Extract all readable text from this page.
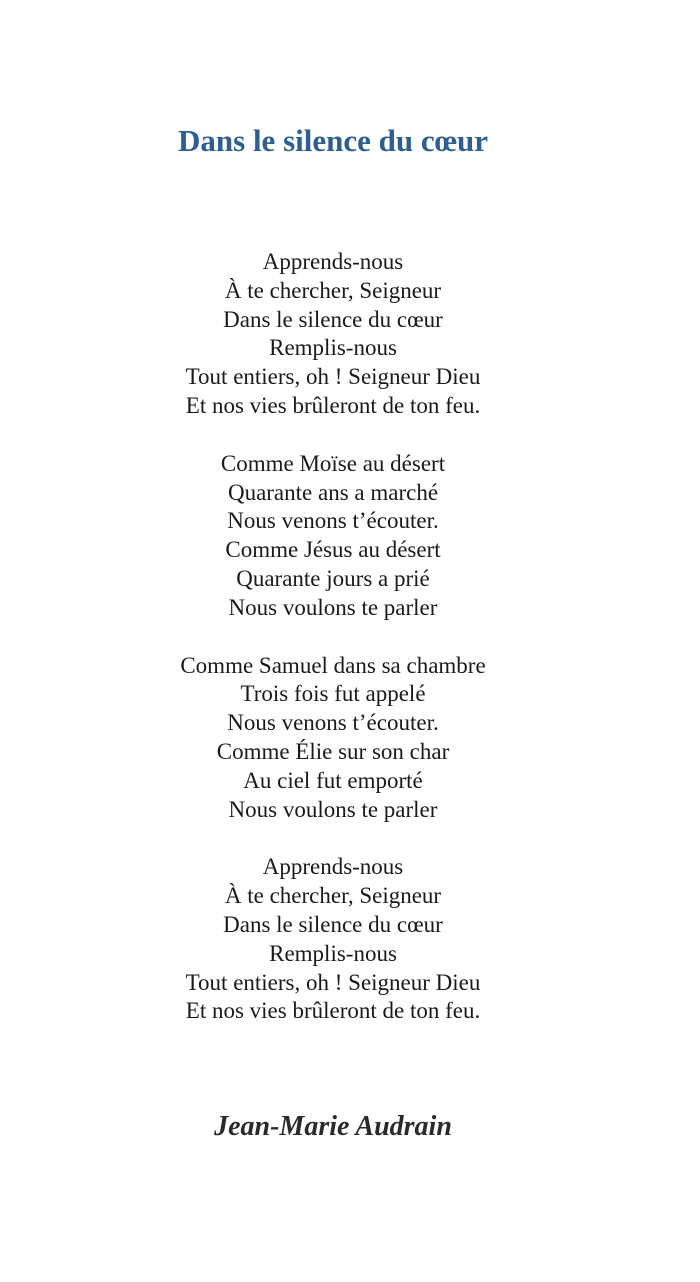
Dans le silence du cœur
Apprends-nous
À te chercher, Seigneur
Dans le silence du cœur
Remplis-nous
Tout entiers, oh ! Seigneur Dieu
Et nos vies brûleront de ton feu.
Comme Moïse au désert
Quarante ans a marché
Nous venons t’écouter.
Comme Jésus au désert
Quarante jours a prié
Nous voulons te parler
Comme Samuel dans sa chambre
Trois fois fut appelé
Nous venons t’écouter.
Comme Élie sur son char
Au ciel fut emporté
Nous voulons te parler
Apprends-nous
À te chercher, Seigneur
Dans le silence du cœur
Remplis-nous
Tout entiers, oh ! Seigneur Dieu
Et nos vies brûleront de ton feu.

Jean-Marie Audrain
